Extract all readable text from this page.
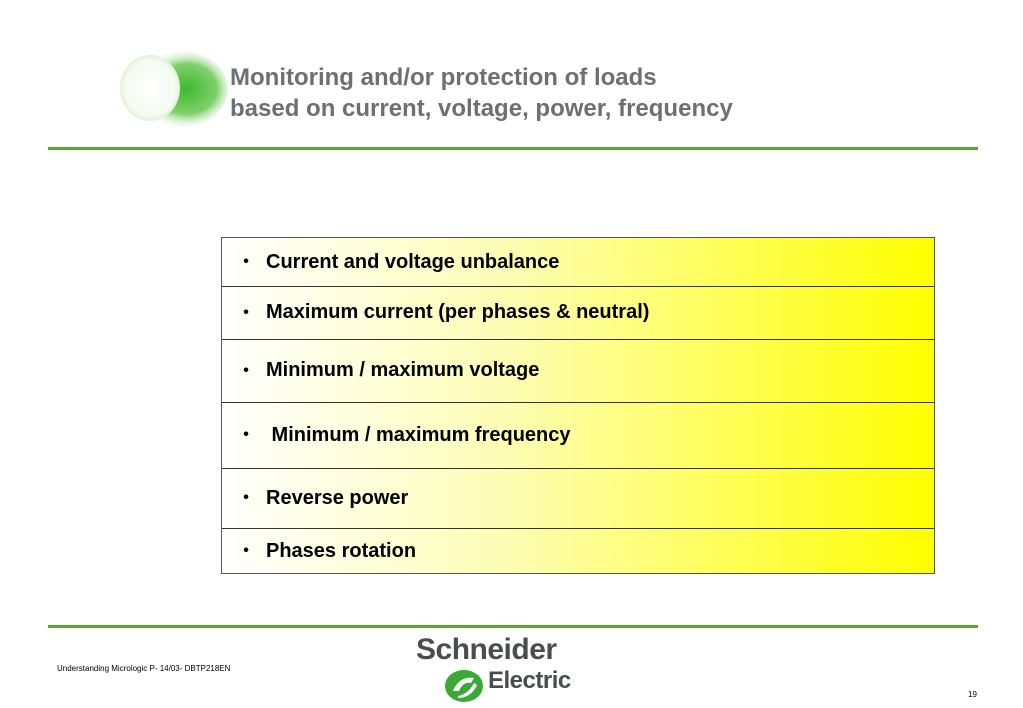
Monitoring and/or protection of loads
based on current, voltage, power, frequency
• Current and voltage unbalance
• Maximum current (per phases & neutral)
• Minimum / maximum voltage
• Minimum / maximum frequency
• Reverse power
• Phases rotation
Understanding Micrologic P- 14/03- DBTP218EN
Schneider
Electric
19
